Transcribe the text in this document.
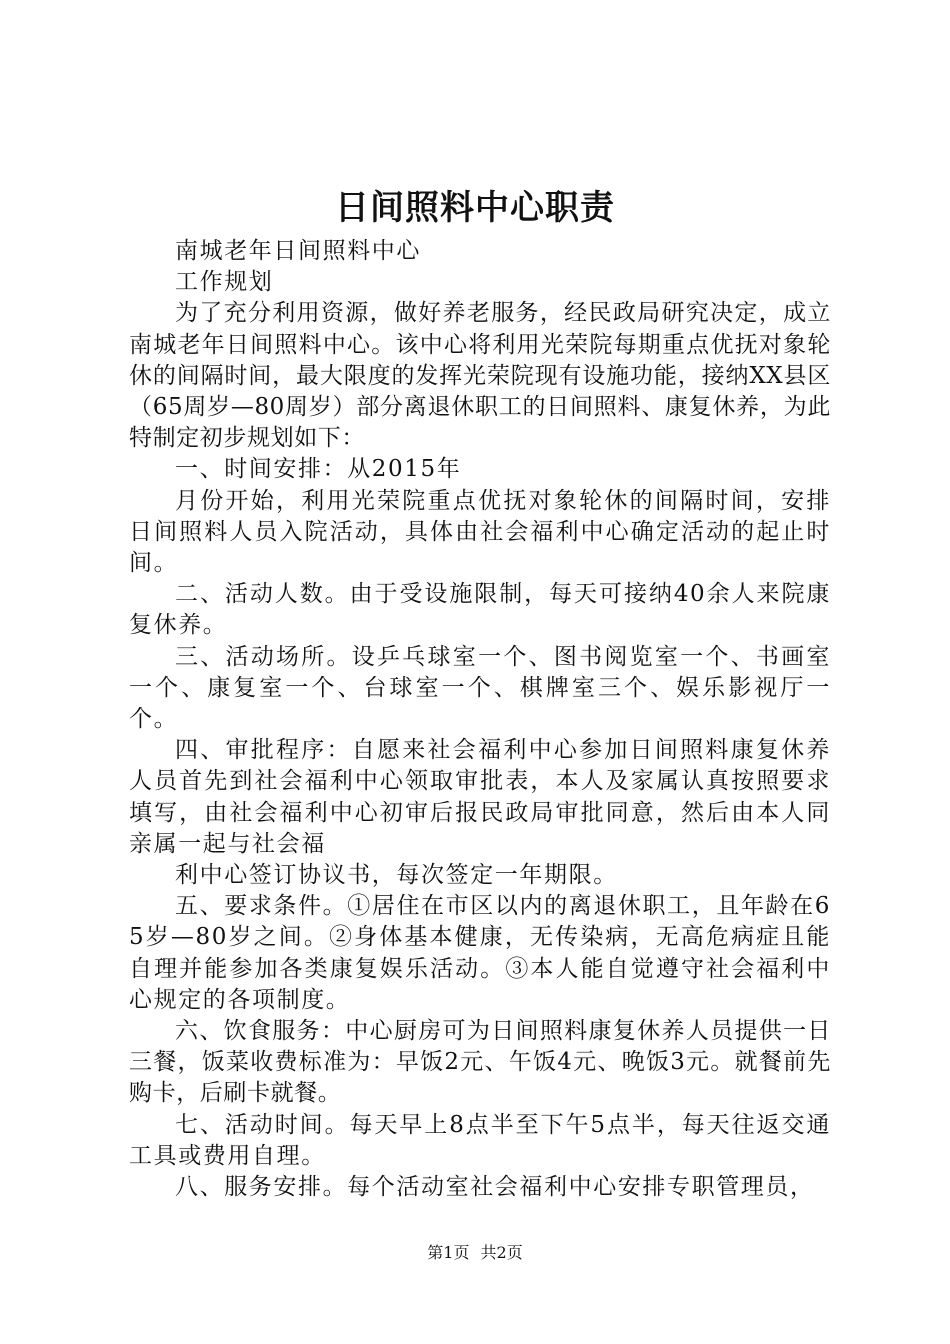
日间照料中心职责

南城老年日间照料中心

工作规划

为了充分利用资源，做好养老服务，经民政局研究决定，成立南城老年日间照料中心。该中心将利用光荣院每期重点优抚对象轮休的间隔时间，最大限度的发挥光荣院现有设施功能，接纳XX县区（65周岁—80周岁）部分离退休职工的日间照料、康复休养，为此特制定初步规划如下：

一、时间安排：从2015年

月份开始，利用光荣院重点优抚对象轮休的间隔时间，安排日间照料人员入院活动，具体由社会福利中心确定活动的起止时间。

二、活动人数。由于受设施限制，每天可接纳40余人来院康复休养。

三、活动场所。设乒乓球室一个、图书阅览室一个、书画室一个、康复室一个、台球室一个、棋牌室三个、娱乐影视厅一个。

四、审批程序：自愿来社会福利中心参加日间照料康复休养人员首先到社会福利中心领取审批表，本人及家属认真按照要求填写，由社会福利中心初审后报民政局审批同意，然后由本人同亲属一起与社会福

利中心签订协议书，每次签定一年期限。

五、要求条件。①居住在市区以内的离退休职工，且年龄在65岁—80岁之间。②身体基本健康，无传染病，无高危病症且能自理并能参加各类康复娱乐活动。③本人能自觉遵守社会福利中心规定的各项制度。

六、饮食服务：中心厨房可为日间照料康复休养人员提供一日三餐，饭菜收费标准为：早饭2元、午饭4元、晚饭3元。就餐前先购卡，后刷卡就餐。

七、活动时间。每天早上8点半至下午5点半，每天往返交通工具或费用自理。

八、服务安排。每个活动室社会福利中心安排专职管理员，

第1页 共2页
